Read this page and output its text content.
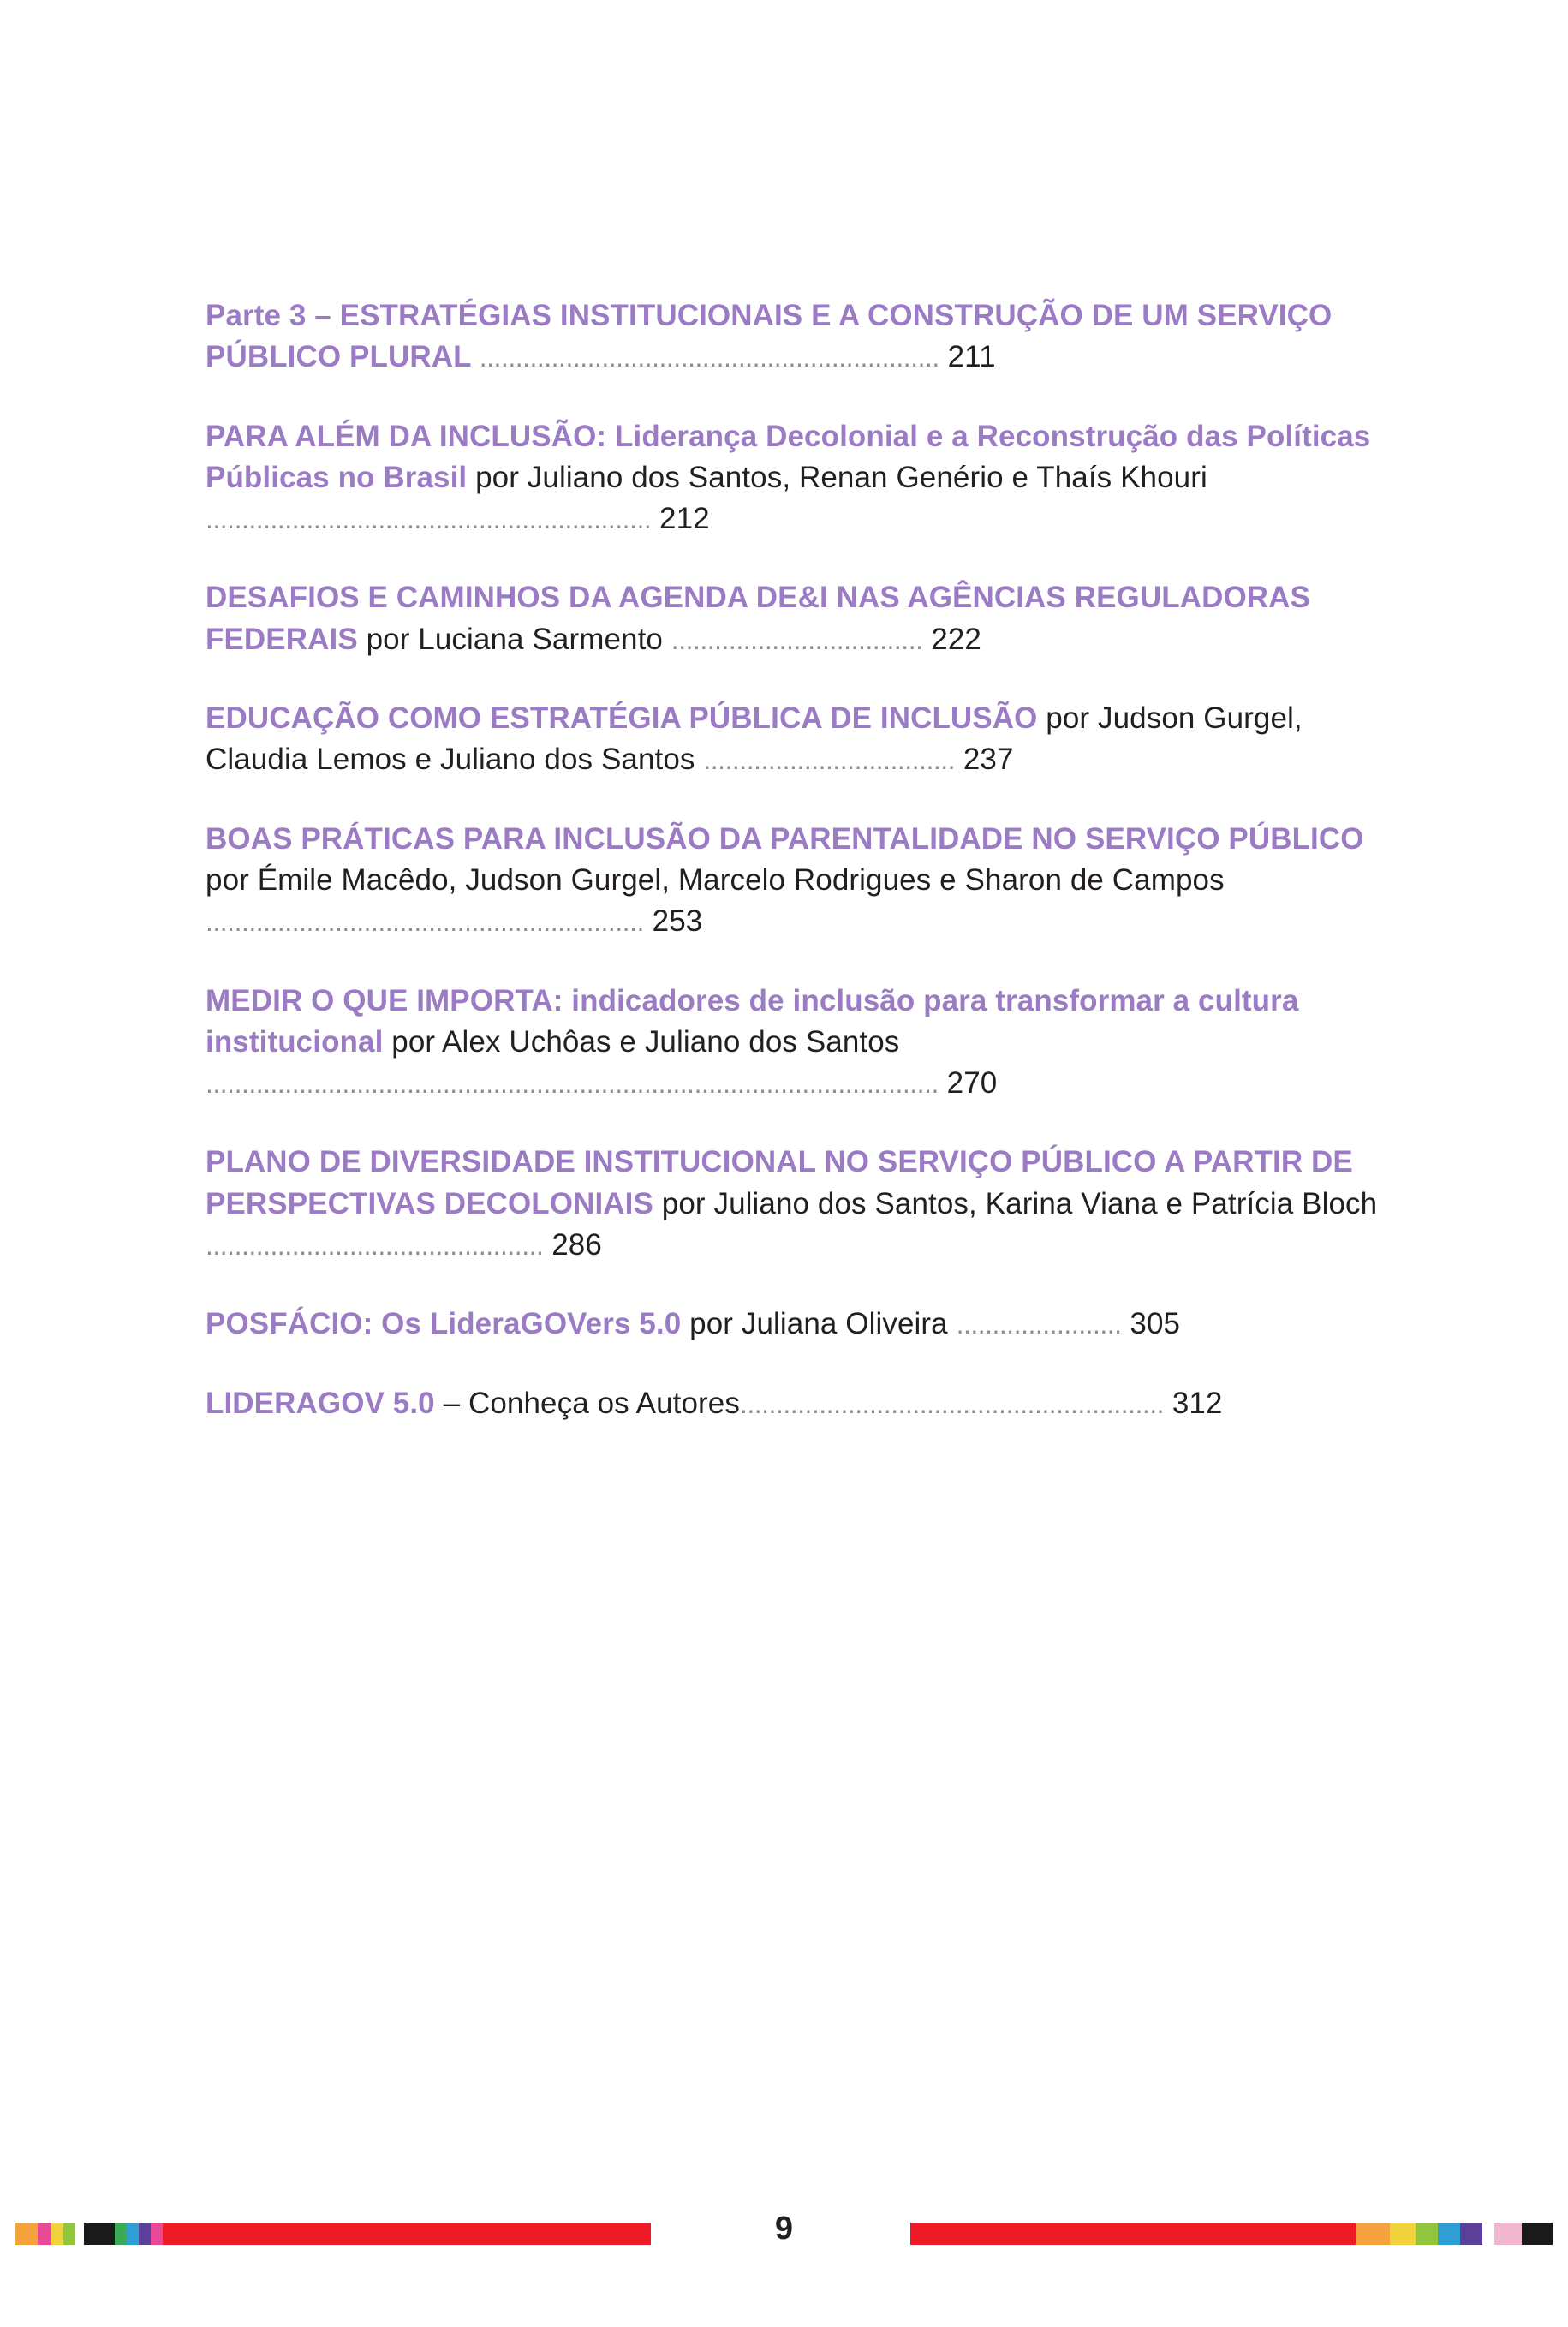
Parte 3 – ESTRATÉGIAS INSTITUCIONAIS E A CONSTRUÇÃO DE UM SERVIÇO PÚBLICO PLURAL ................................................................ 211
PARA ALÉM DA INCLUSÃO: Liderança Decolonial e a Reconstrução das Políticas Públicas no Brasil por Juliano dos Santos, Renan Genério e Thaís Khouri .............................................................. 212
DESAFIOS E CAMINHOS DA AGENDA DE&I NAS AGÊNCIAS REGULADORAS FEDERAIS por Luciana Sarmento ................................... 222
EDUCAÇÃO COMO ESTRATÉGIA PÚBLICA DE INCLUSÃO por Judson Gurgel, Claudia Lemos e Juliano dos Santos ................................... 237
BOAS PRÁTICAS PARA INCLUSÃO DA PARENTALIDADE NO SERVIÇO PÚBLICO por Émile Macêdo, Judson Gurgel, Marcelo Rodrigues e Sharon de Campos ............................................................. 253
MEDIR O QUE IMPORTA: indicadores de inclusão para transformar a cultura institucional por Alex Uchôas e Juliano dos Santos ...................................................................................................... 270
PLANO DE DIVERSIDADE INSTITUCIONAL NO SERVIÇO PÚBLICO A PARTIR DE PERSPECTIVAS DECOLONIAIS por Juliano dos Santos, Karina Viana e Patrícia Bloch ............................................... 286
POSFÁCIO: Os LideraGOVers 5.0 por Juliana Oliveira ....................... 305
LIDERAGOV 5.0 – Conheça os Autores........................................................... 312
9
